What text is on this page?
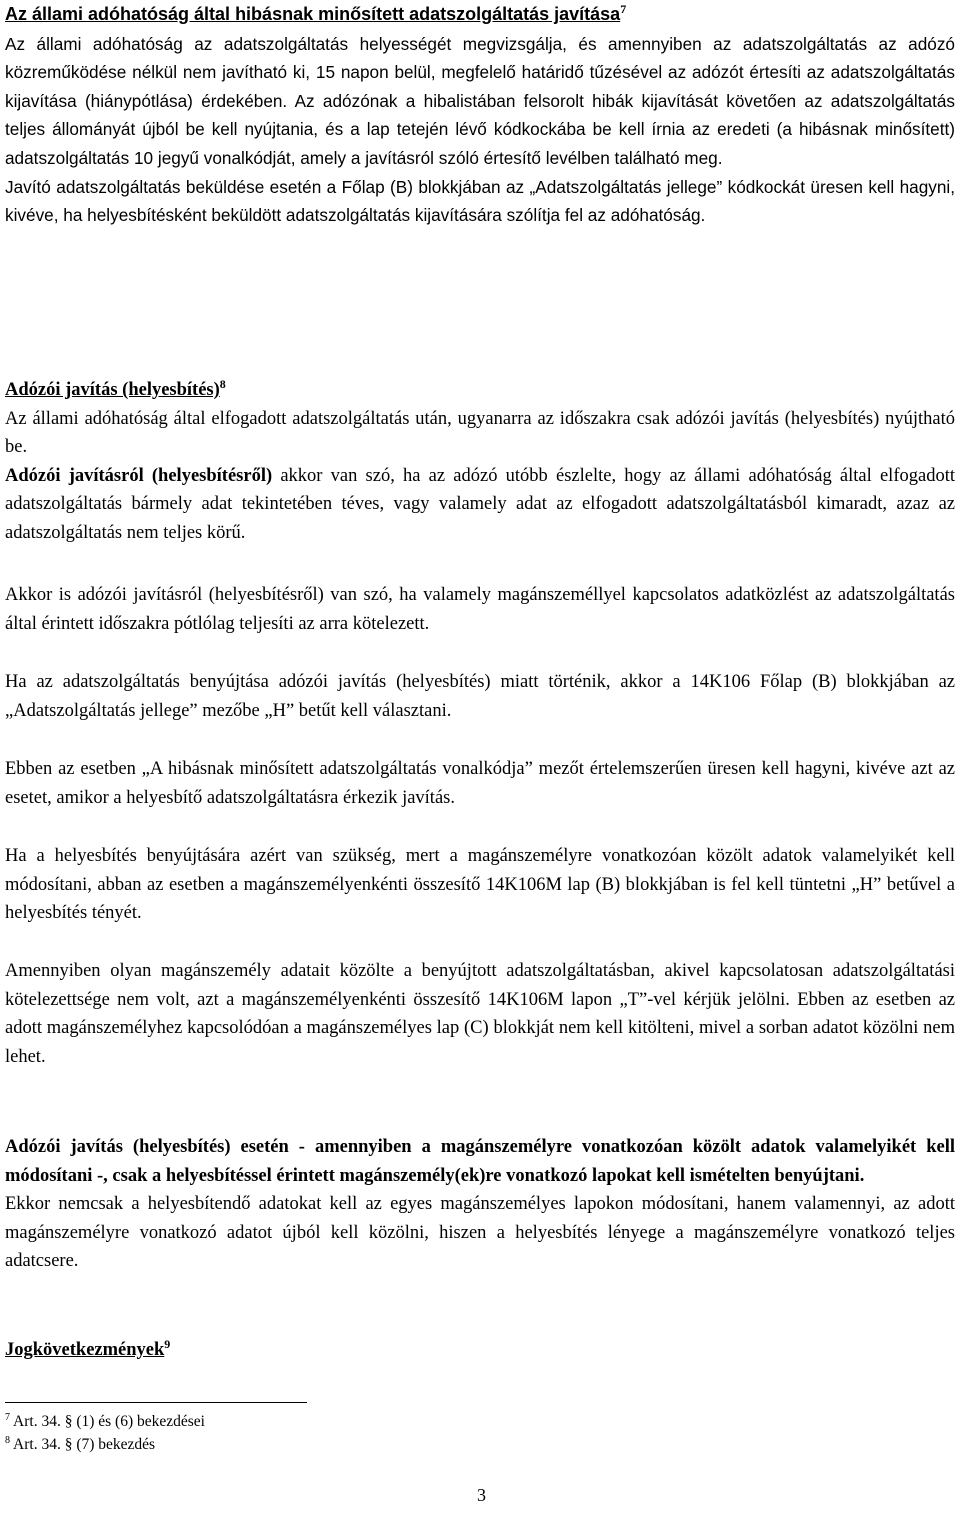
Az állami adóhatóság által hibásnak minősített adatszolgáltatás javítása$^7$

Az állami adóhatóság az adatszolgáltatás helyességét megvizsgálja, és amennyiben az adatszolgáltatás az adózó közreműködése nélkül nem javítható ki, 15 napon belül, megfelelő határidő tűzésével az adózót értesíti az adatszolgáltatás kijavítása (hiánypótlása) érdekében. Az adózónak a hibalistában felsorolt hibák kijavítását követően az adatszolgáltatás teljes állományát újból be kell nyújtania, és a lap tetején lévő kódkockába be kell írnia az eredeti (a hibásnak minősített) adatszolgáltatás 10 jegyű vonalkódját, amely a javításról szóló értesítő levélben található meg.

Javító adatszolgáltatás beküldése esetén a Főlap (B) blokkjában az „Adatszolgáltatás jellege” kódkockát üresen kell hagyni, kivéve, ha helyesbítésként beküldött adatszolgáltatás kijavítására szólítja fel az adóhatóság.

Adózói javítás (helyesbítés)$^8$

Az állami adóhatóság által elfogadott adatszolgáltatás után, ugyanarra az időszakra csak adózói javítás (helyesbítés) nyújtható be.

Adózói javításról (helyesbítésről) akkor van szó, ha az adózó utóbb észlelte, hogy az állami adóhatóság által elfogadott adatszolgáltatás bármely adat tekintetében téves, vagy valamely adat az elfogadott adatszolgáltatásból kimaradt, azaz az adatszolgáltatás nem teljes körű.

Akkor is adózói javításról (helyesbítésről) van szó, ha valamely magánszeméllyel kapcsolatos adatközlést az adatszolgáltatás által érintett időszakra pótlólag teljesíti az arra kötelezett.

Ha az adatszolgáltatás benyújtása adózói javítás (helyesbítés) miatt történik, akkor a 14K106 Főlap (B) blokkjában az „Adatszolgáltatás jellege” mezőbe „H” betűt kell választani.

Ebben az esetben „A hibásnak minősített adatszolgáltatás vonalkódja” mezőt értelemszerűen üresen kell hagyni, kivéve azt az esetet, amikor a helyesbítő adatszolgáltatásra érkezik javítás.

Ha a helyesbítés benyújtására azért van szükség, mert a magánszemélyre vonatkozóan közölt adatok valamelyikét kell módosítani, abban az esetben a magánszemélyenkénti összesítő 14K106M lap (B) blokkjában is fel kell tüntetni „H” betűvel a helyesbítés tényét.

Amennyiben olyan magánszemély adatait közölte a benyújtott adatszolgáltatásban, akivel kapcsolatosan adatszolgáltatási kötelezettsége nem volt, azt a magánszemélyenkénti összesítő 14K106M lapon „T”-vel kérjük jelölni. Ebben az esetben az adott magánszemélyhez kapcsolódóan a magánszemélyes lap (C) blokkját nem kell kitölteni, mivel a sorban adatot közölni nem lehet.

Adózói javítás (helyesbítés) esetén - amennyiben a magánszemélyre vonatkozóan közölt adatok valamelyikét kell módosítani -, csak a helyesbítéssel érintett magánszemély(ek)re vonatkozó lapokat kell ismételten benyújtani.

Ekkor nemcsak a helyesbítendő adatokat kell az egyes magánszemélyes lapokon módosítani, hanem valamennyi, az adott magánszemélyre vonatkozó adatot újból kell közölni, hiszen a helyesbítés lényege a magánszemélyre vonatkozó teljes adatcsere.

Jogkövetkezmények$^9$

$^7$ Art. 34. § (1) és (6) bekezdései
$^8$ Art. 34. § (7) bekezdés
3
